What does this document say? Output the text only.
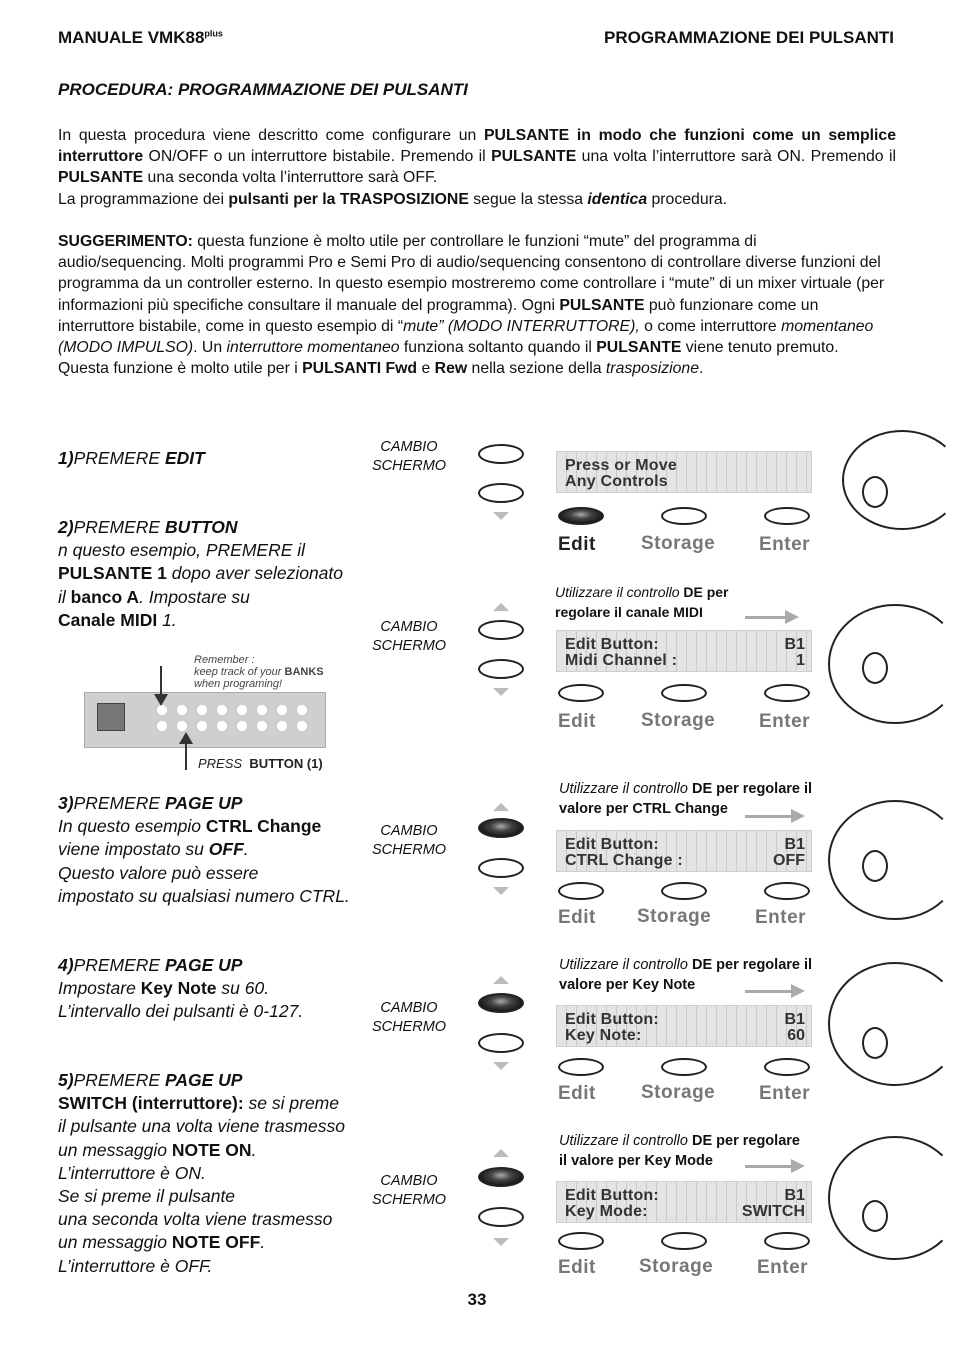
MANUALE $VMK88^{plus}$	PROGRAMMAZIONE DEI PULSANTI
PROCEDURA: PROGRAMMAZIONE DEI PULSANTI
In questa procedura viene descritto come configurare un PULSANTE in modo che funzioni come un semplice interruttore ON/OFF o un interruttore bistabile. Premendo il PULSANTE una volta l’interruttore sarà ON. Premendo il PULSANTE una seconda volta l’interruttore sarà OFF.
La programmazione dei pulsanti per la TRASPOSIZIONE segue la stessa identica procedura.
SUGGERIMENTO: questa funzione è molto utile per controllare le funzioni “mute” del programma di audio/sequencing. Molti programmi Pro e Semi Pro di audio/sequencing consentono di controllare diverse funzioni del programma da un controller esterno. In questo esempio mostreremo come controllare i “mute” di un mixer virtuale (per informazioni più specifiche consultare il manuale del programma). Ogni PULSANTE può funzionare come un interruttore bistabile, come in questo esempio di “mute” (MODO INTERRUTTORE), o come interruttore momentaneo (MODO IMPULSO). Un interruttore momentaneo funziona soltanto quando il PULSANTE viene tenuto premuto. Questa funzione è molto utile per i PULSANTI Fwd e Rew nella sezione della trasposizione.
1)PREMERE EDIT
CAMBIO
SCHERMO	Press or Move
Any Controls
Edit Storage Enter
2)PREMERE BUTTON
n questo esempio, PREMERE il
PULSANTE 1 dopo aver selezionato
il banco A. Impostare su
Canale MIDI 1.
Remember :
keep track of your BANKS
when programing!
PRESS BUTTON (1)
Utilizzare il controllo DE per
regolare il canale MIDI
CAMBIO
SCHERMO	Edit Button:	B1
Midi Channel :	1
Edit Storage Enter
3)PREMERE PAGE UP
In questo esempio CTRL Change
viene impostato su OFF.
Questo valore può essere
impostato su qualsiasi numero CTRL.
Utilizzare il controllo DE per regolare il
valore per CTRL Change
CAMBIO
SCHERMO	Edit Button:	B1
CTRL Change :	OFF
Edit Storage Enter
4)PREMERE PAGE UP
Impostare Key Note su 60.
L’intervallo dei pulsanti è 0-127.
Utilizzare il controllo DE per regolare il
valore per Key Note
CAMBIO
SCHERMO	Edit Button:	B1
Key Note:	60
Edit Storage Enter
5)PREMERE PAGE UP
SWITCH (interruttore): se si preme
il pulsante una volta viene trasmesso
un messaggio NOTE ON.
L’interruttore è ON.
Se si preme il pulsante
una seconda volta viene trasmesso
un messaggio NOTE OFF.
L’interruttore è OFF.
Utilizzare il controllo DE per regolare
il valore per Key Mode
CAMBIO
SCHERMO	Edit Button:	B1
Key Mode:	SWITCH
Edit Storage Enter
33
